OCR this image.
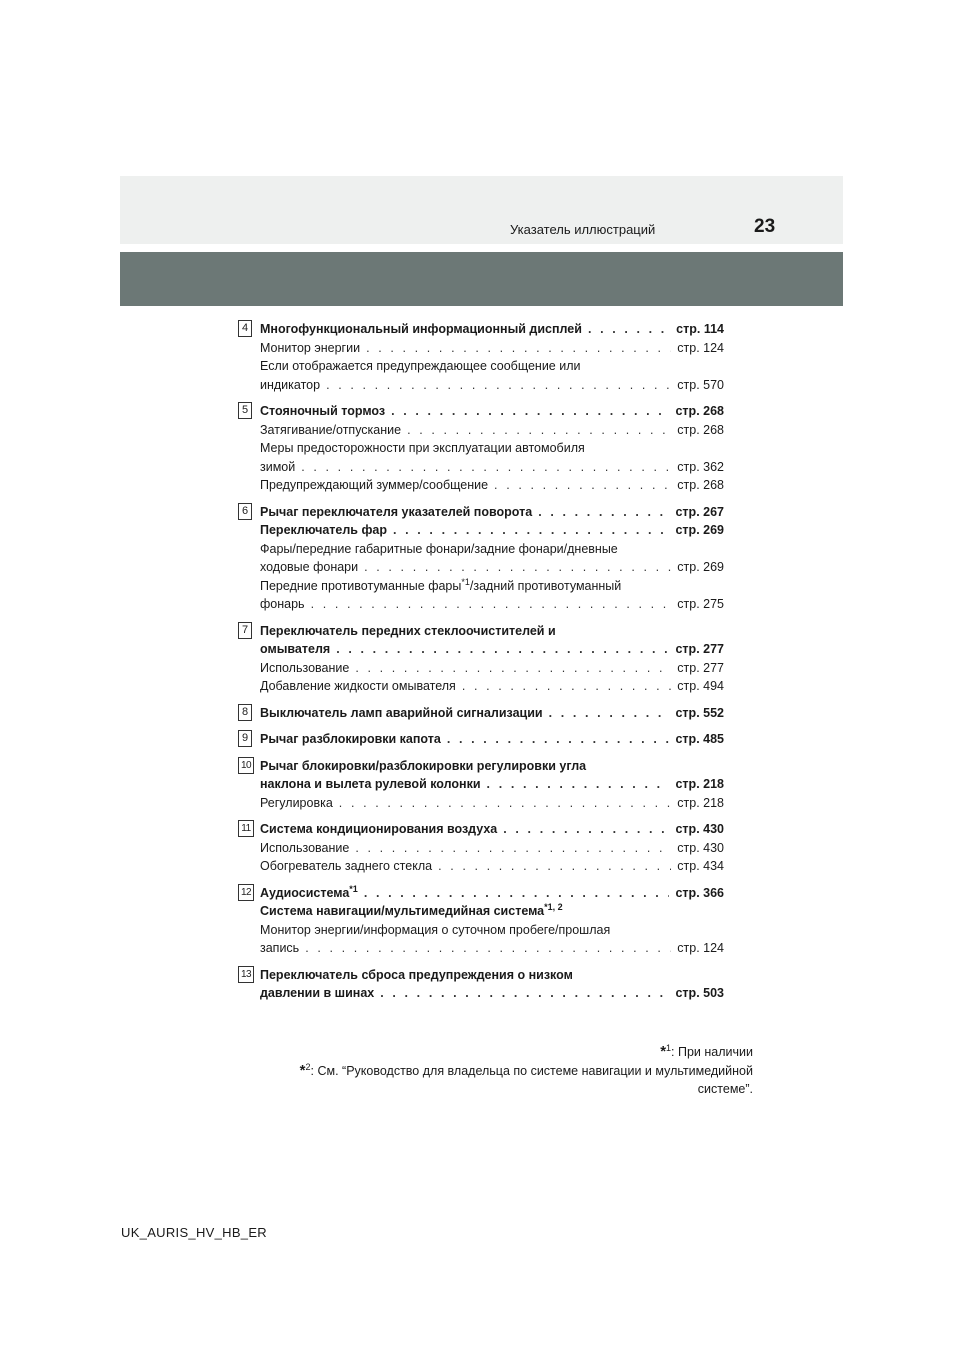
Указатель иллюстраций	23
4 Многофункциональный информационный дисплей . . .	стр. 114
Монитор энергии . . .	стр. 124
Если отображается предупреждающее сообщение или
индикатор . . .	стр. 570
5 Стояночный тормоз . . .	стр. 268
Затягивание/отпускание . . .	стр. 268
Меры предосторожности при эксплуатации автомобиля
зимой . . .	стр. 362
Предупреждающий зуммер/сообщение . . .	стр. 268
6 Рычаг переключателя указателей поворота . . .	стр. 267
Переключатель фар . . .	стр. 269
Фары/передние габаритные фонари/задние фонари/дневные
ходовые фонари . . .	стр. 269
Передние противотуманные фары$^{*1}$/задний противотуманный
фонарь . . .	стр. 275
7 Переключатель передних стеклоочистителей и
омывателя . . .	стр. 277
Использование . . .	стр. 277
Добавление жидкости омывателя . . .	стр. 494
8 Выключатель ламп аварийной сигнализации . . .	стр. 552
9 Рычаг разблокировки капота . . .	стр. 485
10 Рычаг блокировки/разблокировки регулировки угла
наклона и вылета рулевой колонки . . .	стр. 218
Регулировка . . .	стр. 218
11 Система кондиционирования воздуха . . .	стр. 430
Использование . . .	стр. 430
Обогреватель заднего стекла . . .	стр. 434
12 Аудиосистема$^{*1}$ . . .	стр. 366
Система навигации/мультимедийная система$^{*1, 2}$
Монитор энергии/информация о суточном пробеге/прошлая
запись . . .	стр. 124
13 Переключатель сброса предупреждения о низком
давлении в шинах . . .	стр. 503
*$^1$: При наличии
*$^2$: См. “Руководство для владельца по системе навигации и мультимедийной
системе”.
UK_AURIS_HV_HB_ER
